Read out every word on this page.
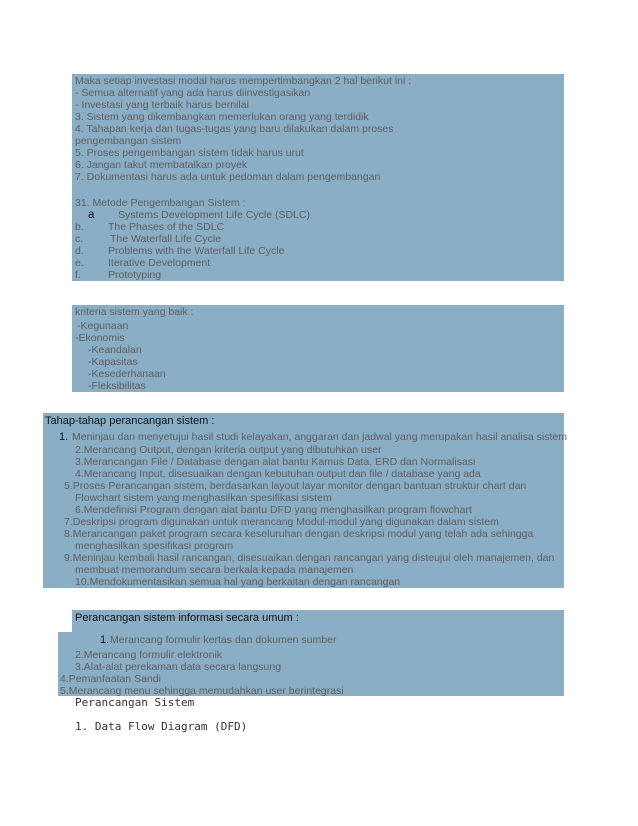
Maka setiap investasi modal harus mempertimbangkan 2 hal berikut ini :
- Semua alternatif yang ada harus diinvestigasikan
- Investasi yang terbaik harus bernilai
3. Sistem yang dikembangkan memerlukan orang yang terdidik
4. Tahapan kerja dan tugas-tugas yang baru dilakukan dalam proses
pengembangan sistem
5. Proses pengembangan sistem tidak harus urut
6. Jangan takut membatalkan proyek
7. Dokumentasi harus ada untuk pedoman dalam pengembangan
31. Metode Pengembangan Sistem :
a Systems Development Life Cycle (SDLC)
b. The Phases of the SDLC
c.	The Waterfall Life Cycle
d. Problems with the Waterfall Life Cycle
e. Iterative Development
f.	Prototyping
kriteria sistem yang baik :
-Kegunaan
-Ekonomis
-Keandalan
-Kapasitas
-Kesederhanaan
-Fleksibilitas
Tahap-tahap perancangan sistem :
1. Meninjau dan menyetujui hasil studi kelayakan, anggaran dan jadwal yang merupakan hasil analisa sistem
2.Merancang Output, dengan kriteria output yang dibutuhkan user
3.Merancangan File / Database dengan alat bantu Kamus Data, ERD dan Normalisasi
4.Merancang Input, disesuaikan dengan kebutuhan output dan file / database yang ada
5.Proses Perancangan sistem, berdasarkan layout layar monitor dengan bantuan struktur chart dan
Flowchart sistem yang menghasilkan spesifikasi sistem
6.Mendefinisi Program dengan alat bantu DFD yang menghasilkan program flowchart
7.Deskripsi program digunakan untuk merancang Modul-modul yang digunakan dalam sistem
8.Merancangan paket program secara keseluruhan dengan deskripsi modul yang telah ada sehingga
menghasilkan spesifikasi program
9.Meninjau kembali hasil rancangan, disesuaikan dengan rancangan yang disteujui oleh manajemen, dan
membuat memorandum secara berkala kepada manajemen
10.Mendokumentasikan semua hal yang berkaitan dengan rancangan
Perancangan sistem informasi secara umum :
1. Merancang formulir kertas dan dokumen sumber
2.Merancang formulir elektronik
3.Alat-alat perekaman data secara langsung
4.Pemanfaatan Sandi
5.Merancang menu sehingga memudahkan user berintegrasi
Perancangan Sistem
1. Data Flow Diagram (DFD)
